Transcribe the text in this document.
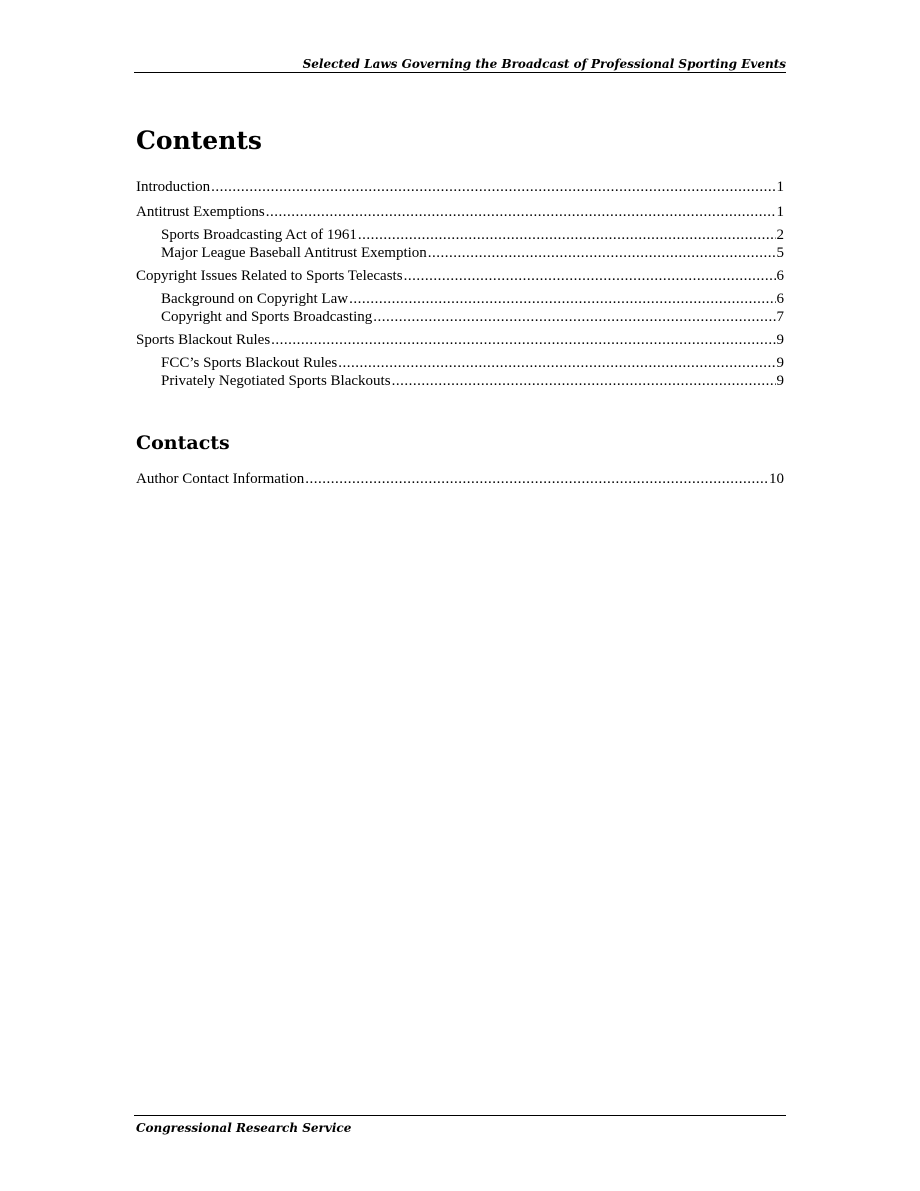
Selected Laws Governing the Broadcast of Professional Sporting Events
Contents
Introduction .....	1
Antitrust Exemptions .....	1
Sports Broadcasting Act of 1961 .....	2
Major League Baseball Antitrust Exemption .....	5
Copyright Issues Related to Sports Telecasts .....	6
Background on Copyright Law .....	6
Copyright and Sports Broadcasting .....	7
Sports Blackout Rules .....	9
FCC’s Sports Blackout Rules .....	9
Privately Negotiated Sports Blackouts .....	9
Contacts
Author Contact Information .....	10
Congressional Research Service
